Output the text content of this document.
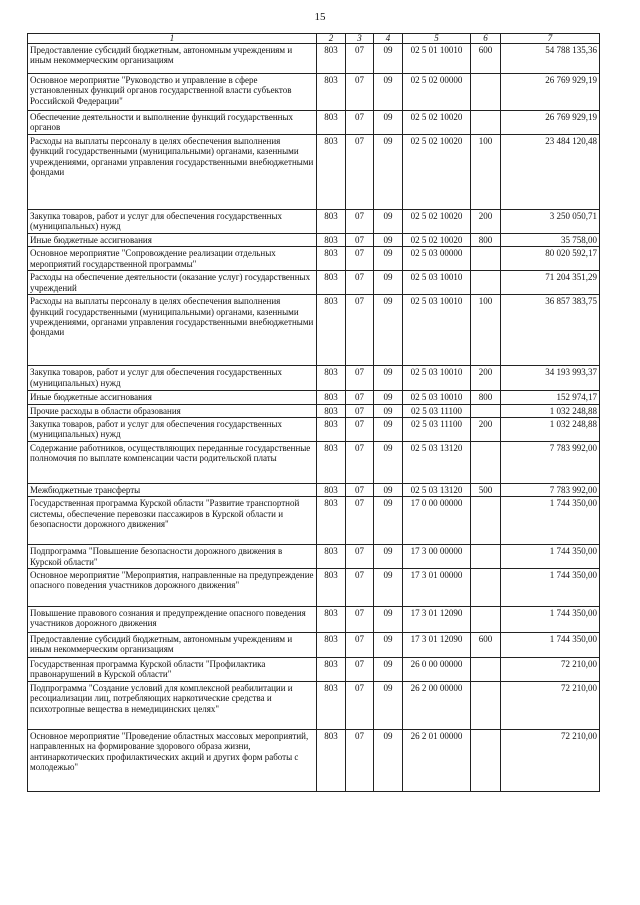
15
1	2	3	4	5	6	7
Предоставление субсидий бюджетным, автономным учреждениям и иным некоммерческим организациям	803	07	09	02 5 01 10010	600	54 788 135,36
Основное мероприятие "Руководство и управление в сфере установленных функций органов государственной власти субъектов Российской Федерации"	803	07	09	02 5 02 00000		26 769 929,19
Обеспечение деятельности и выполнение функций государственных органов	803	07	09	02 5 02 10020		26 769 929,19
Расходы на выплаты персоналу в целях обеспечения выполнения функций государственными (муниципальными) органами, казенными учреждениями, органами управления государственными внебюджетными фондами	803	07	09	02 5 02 10020	100	23 484 120,48
Закупка товаров, работ и услуг для обеспечения государственных (муниципальных) нужд	803	07	09	02 5 02 10020	200	3 250 050,71
Иные бюджетные ассигнования	803	07	09	02 5 02 10020	800	35 758,00
Основное мероприятие "Сопровождение реализации отдельных мероприятий государственной программы"	803	07	09	02 5 03 00000		80 020 592,17
Расходы на обеспечение деятельности (оказание услуг) государственных учреждений	803	07	09	02 5 03 10010		71 204 351,29
Расходы на выплаты персоналу в целях обеспечения выполнения функций государственными (муниципальными) органами, казенными учреждениями, органами управления государственными внебюджетными фондами	803	07	09	02 5 03 10010	100	36 857 383,75
Закупка товаров, работ и услуг для обеспечения государственных (муниципальных) нужд	803	07	09	02 5 03 10010	200	34 193 993,37
Иные бюджетные ассигнования	803	07	09	02 5 03 10010	800	152 974,17
Прочие расходы в области образования	803	07	09	02 5 03 11100		1 032 248,88
Закупка товаров, работ и услуг для обеспечения государственных (муниципальных) нужд	803	07	09	02 5 03 11100	200	1 032 248,88
Содержание работников, осуществляющих переданные государственные полномочия по выплате компенсации части родительской платы	803	07	09	02 5 03 13120		7 783 992,00
Межбюджетные трансферты	803	07	09	02 5 03 13120	500	7 783 992,00
Государственная программа Курской области "Развитие транспортной системы, обеспечение перевозки пассажиров в Курской области и безопасности дорожного движения"	803	07	09	17 0 00 00000		1 744 350,00
Подпрограмма "Повышение безопасности дорожного движения в Курской области"	803	07	09	17 3 00 00000		1 744 350,00
Основное мероприятие "Мероприятия, направленные на предупреждение опасного поведения участников дорожного движения"	803	07	09	17 3 01 00000		1 744 350,00
Повышение правового сознания и предупреждение опасного поведения участников дорожного движения	803	07	09	17 3 01 12090		1 744 350,00
Предоставление субсидий бюджетным, автономным учреждениям и иным некоммерческим организациям	803	07	09	17 3 01 12090	600	1 744 350,00
Государственная программа Курской области "Профилактика правонарушений в Курской области"	803	07	09	26 0 00 00000		72 210,00
Подпрограмма "Создание условий для комплексной реабилитации и ресоциализации лиц, потребляющих наркотические средства и психотропные вещества в немедицинских целях"	803	07	09	26 2 00 00000		72 210,00
Основное мероприятие "Проведение областных массовых мероприятий, направленных на формирование здорового образа жизни, антинаркотических профилактических акций и других форм работы с молодежью"	803	07	09	26 2 01 00000		72 210,00
